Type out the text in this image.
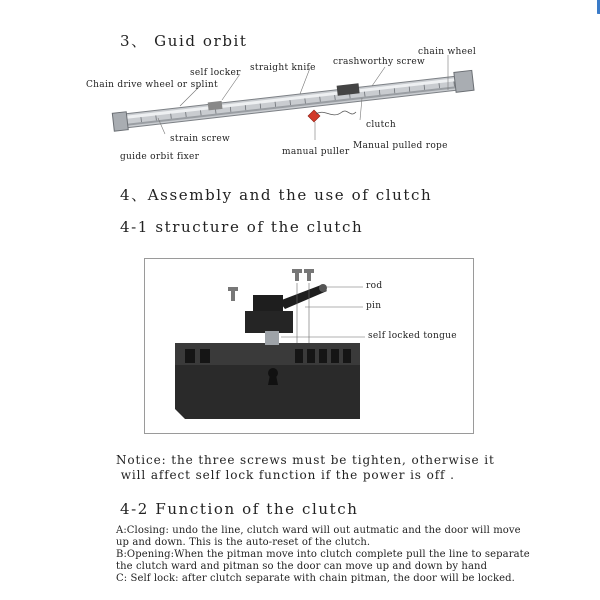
3、 Guid orbit
chain wheel
crashworthy screw
straight knife
self locker
Chain drive wheel or splint
clutch
strain screw
Manual pulled rope
manual puller
guide orbit fixer
4、Assembly and the use of clutch
4-1 structure of the clutch
rod
pin
self locked tongue
Notice: the three screws must be tighten, otherwise it
will affect self lock function if the power is off .
4-2 Function of the clutch
A:Closing: undo the line, clutch ward will out autmatic and the door will move
up and down. This is the auto-reset of the clutch.
B:Opening:When the pitman move into clutch complete pull the line to separate
the clutch ward and pitman so the door can move up and down by hand
C: Self lock: after clutch separate with chain pitman, the door will be locked.
